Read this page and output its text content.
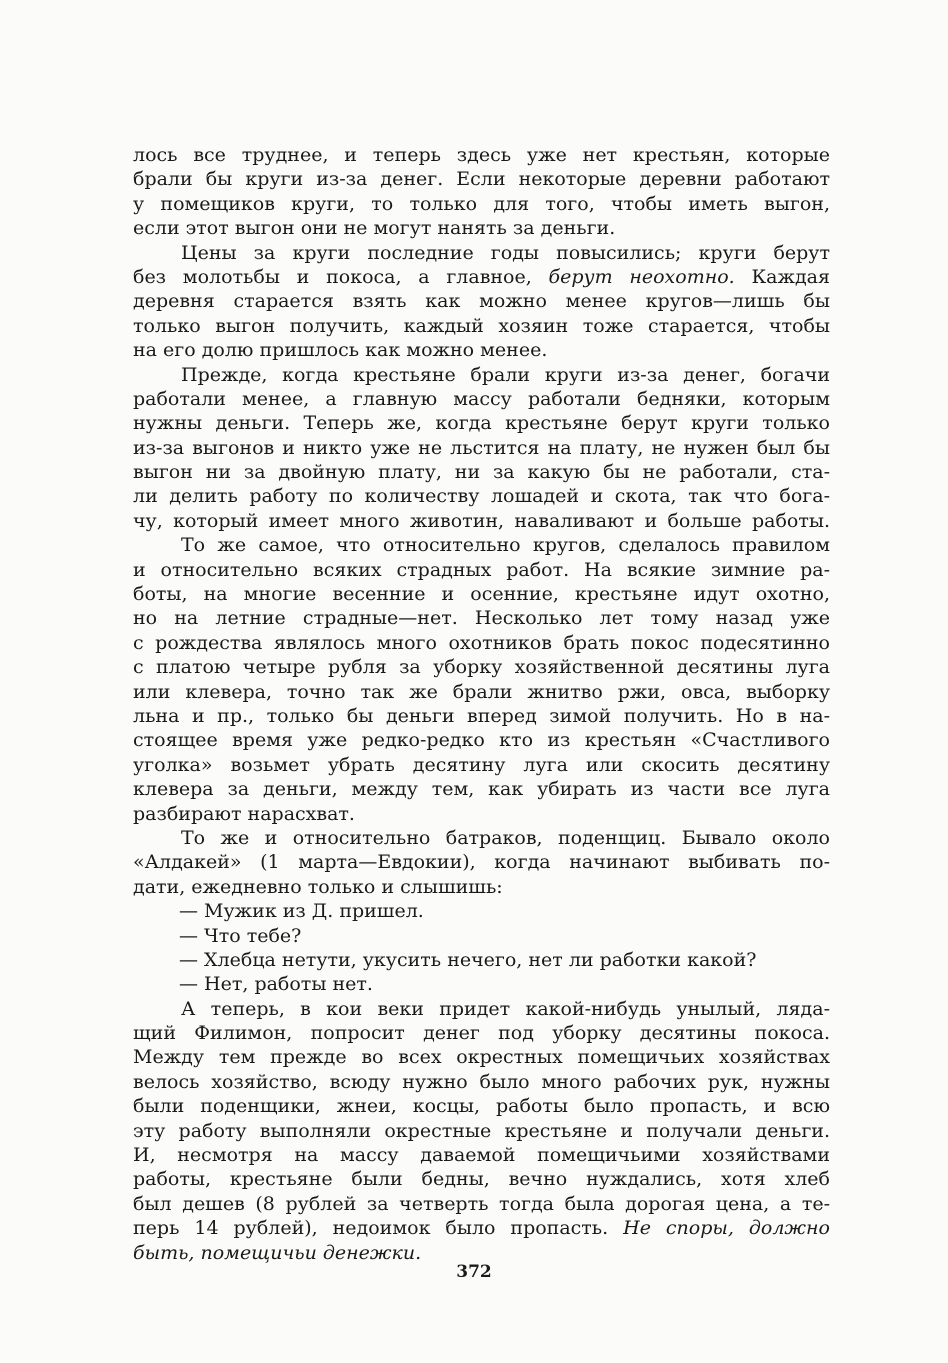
лось все труднее, и теперь здесь уже нет крестьян, которые
брали бы круги из-за денег. Если некоторые деревни работают
у помещиков круги, то только для того, чтобы иметь выгон,
если этот выгон они не могут нанять за деньги.
Цены за круги последние годы повысились; круги берут
без молотьбы и покоса, а главное, берут неохотно. Каждая
деревня старается взять как можно менее кругов—лишь бы
только выгон получить, каждый хозяин тоже старается, чтобы
на его долю пришлось как можно менее.
Прежде, когда крестьяне брали круги из-за денег, богачи
работали менее, а главную массу работали бедняки, которым
нужны деньги. Теперь же, когда крестьяне берут круги только
из-за выгонов и никто уже не льстится на плату, не нужен был бы
выгон ни за двойную плату, ни за какую бы не работали, ста-
ли делить работу по количеству лошадей и скота, так что бога-
чу, который имеет много животин, наваливают и больше работы.
То же самое, что относительно кругов, сделалось правилом
и относительно всяких страдных работ. На всякие зимние ра-
боты, на многие весенние и осенние, крестьяне идут охотно,
но на летние страдные—нет. Несколько лет тому назад уже
с рождества являлось много охотников брать покос подесятинно
с платою четыре рубля за уборку хозяйственной десятины луга
или клевера, точно так же брали жнитво ржи, овса, выборку
льна и пр., только бы деньги вперед зимой получить. Но в на-
стоящее время уже редко-редко кто из крестьян «Счастливого
уголка» возьмет убрать десятину луга или скосить десятину
клевера за деньги, между тем, как убирать из части все луга
разбирают нарасхват.
То же и относительно батраков, поденщиц. Бывало около
«Алдакей» (1 марта—Евдокии), когда начинают выбивать по-
дати, ежедневно только и слышишь:
— Мужик из Д. пришел.
— Что тебе?
— Хлебца нетути, укусить нечего, нет ли работки какой?
— Нет, работы нет.
А теперь, в кои веки придет какой-нибудь унылый, ляда-
щий Филимон, попросит денег под уборку десятины покоса.
Между тем прежде во всех окрестных помещичьих хозяйствах
велось хозяйство, всюду нужно было много рабочих рук, нужны
были поденщики, жнеи, косцы, работы было пропасть, и всю
эту работу выполняли окрестные крестьяне и получали деньги.
И, несмотря на массу даваемой помещичьими хозяйствами
работы, крестьяне были бедны, вечно нуждались, хотя хлеб
был дешев (8 рублей за четверть тогда была дорогая цена, а те-
перь 14 рублей), недоимок было пропасть. Не споры, должно
быть, помещичьи денежки.
372
